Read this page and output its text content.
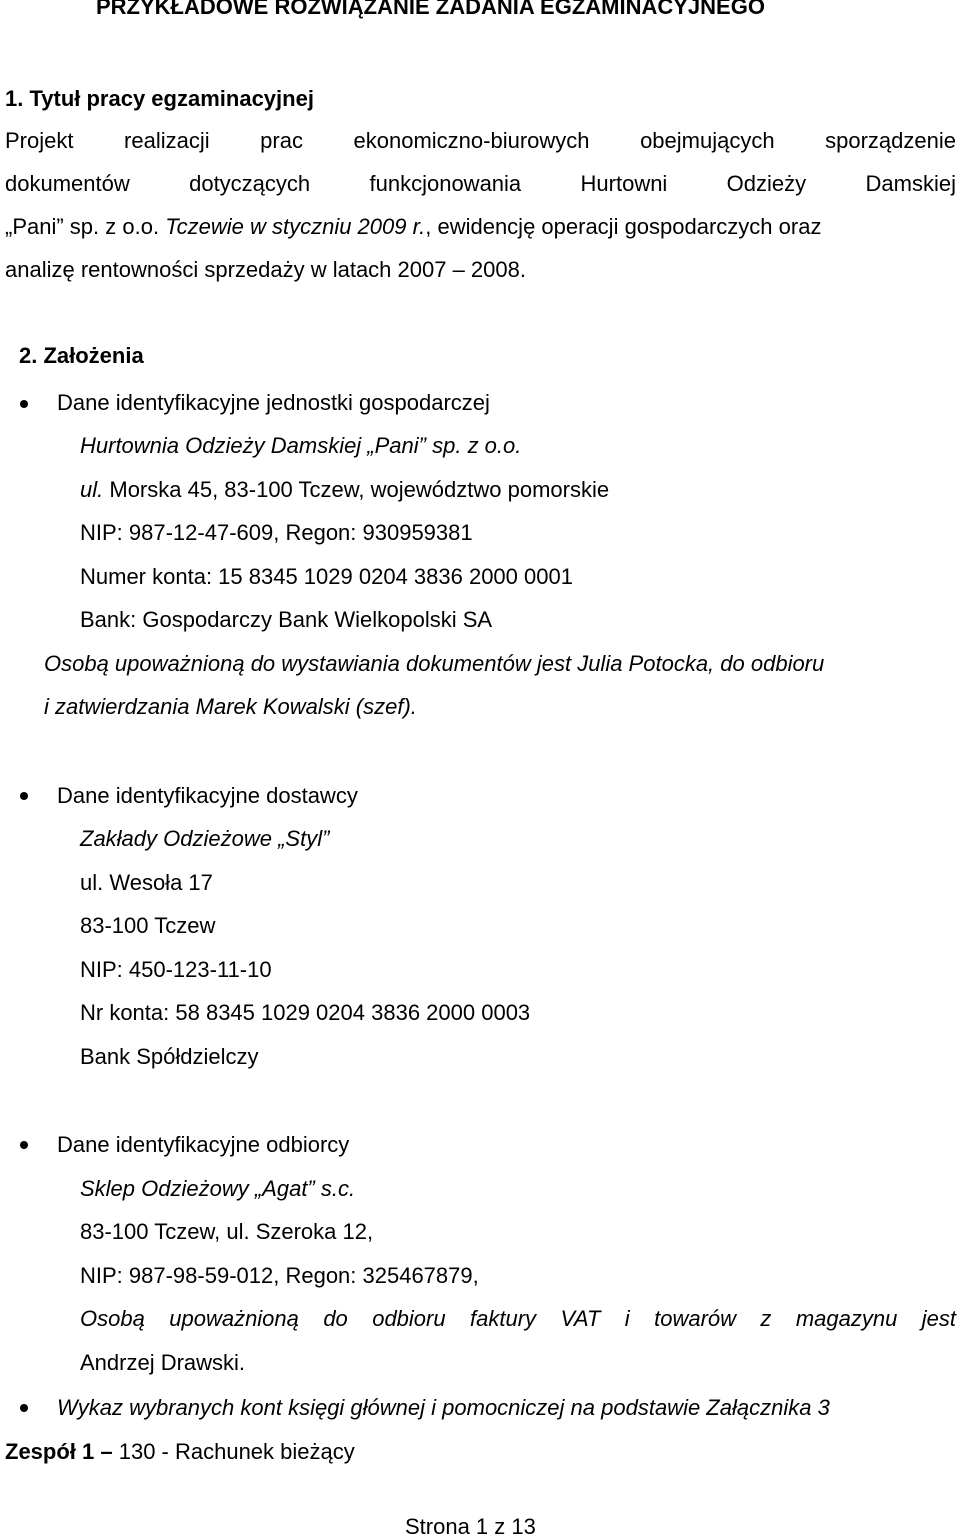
PRZYKŁADOWE ROZWIĄZANIE ZADANIA EGZAMINACYJNEGO
1. Tytuł pracy egzaminacyjnej
Projekt realizacji prac ekonomiczno-biurowych obejmujących sporządzenie
dokumentów	dotyczących	funkcjonowania	Hurtowni	Odzieży	Damskiej
„Pani” sp. z o.o. Tczewie w styczniu 2009 r., ewidencję operacji gospodarczych oraz
analizę rentowności sprzedaży w latach 2007 – 2008.
2. Założenia
Dane identyfikacyjne jednostki gospodarczej
Hurtownia Odzieży Damskiej „Pani” sp. z o.o.
ul. Morska 45, 83-100 Tczew, województwo pomorskie
NIP: 987-12-47-609, Regon: 930959381
Numer konta: 15 8345 1029 0204 3836 2000 0001
Bank: Gospodarczy Bank Wielkopolski SA
Osobą upoważnioną do wystawiania dokumentów jest Julia Potocka, do odbioru
i zatwierdzania Marek Kowalski (szef).
Dane identyfikacyjne dostawcy
Zakłady Odzieżowe „Styl”
ul. Wesoła 17
83-100 Tczew
NIP: 450-123-11-10
Nr konta: 58 8345 1029 0204 3836 2000 0003
Bank Spółdzielczy
Dane identyfikacyjne odbiorcy
Sklep Odzieżowy „Agat” s.c.
83-100 Tczew, ul. Szeroka 12,
NIP: 987-98-59-012, Regon: 325467879,
Osobą upoważnioną do odbioru faktury VAT i towarów z magazynu jest
Andrzej Drawski.
Wykaz wybranych kont księgi głównej i pomocniczej na podstawie Załącznika 3
Zespół 1 – 130 - Rachunek bieżący
Strona 1 z 13
